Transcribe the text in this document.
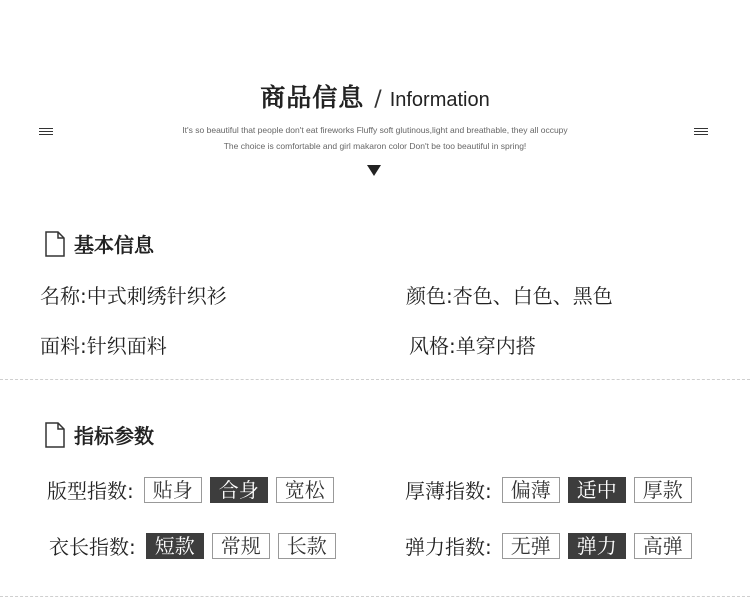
商品信息 / Information
It's so beautiful that people don't eat fireworks Fluffy soft glutinous,light and breathable, they all occupy
The choice is comfortable and girl makaron color Don't be too beautiful in spring!
基本信息
名称:中式刺绣针织衫	颜色:杏色、白色、黑色
面料:针织面料	风格:单穿内搭
指标参数
版型指数: 贴身	合身	宽松	厚薄指数: 偏薄	适中	厚款
衣长指数: 短款	常规	长款	弹力指数: 无弹	弹力	高弹
